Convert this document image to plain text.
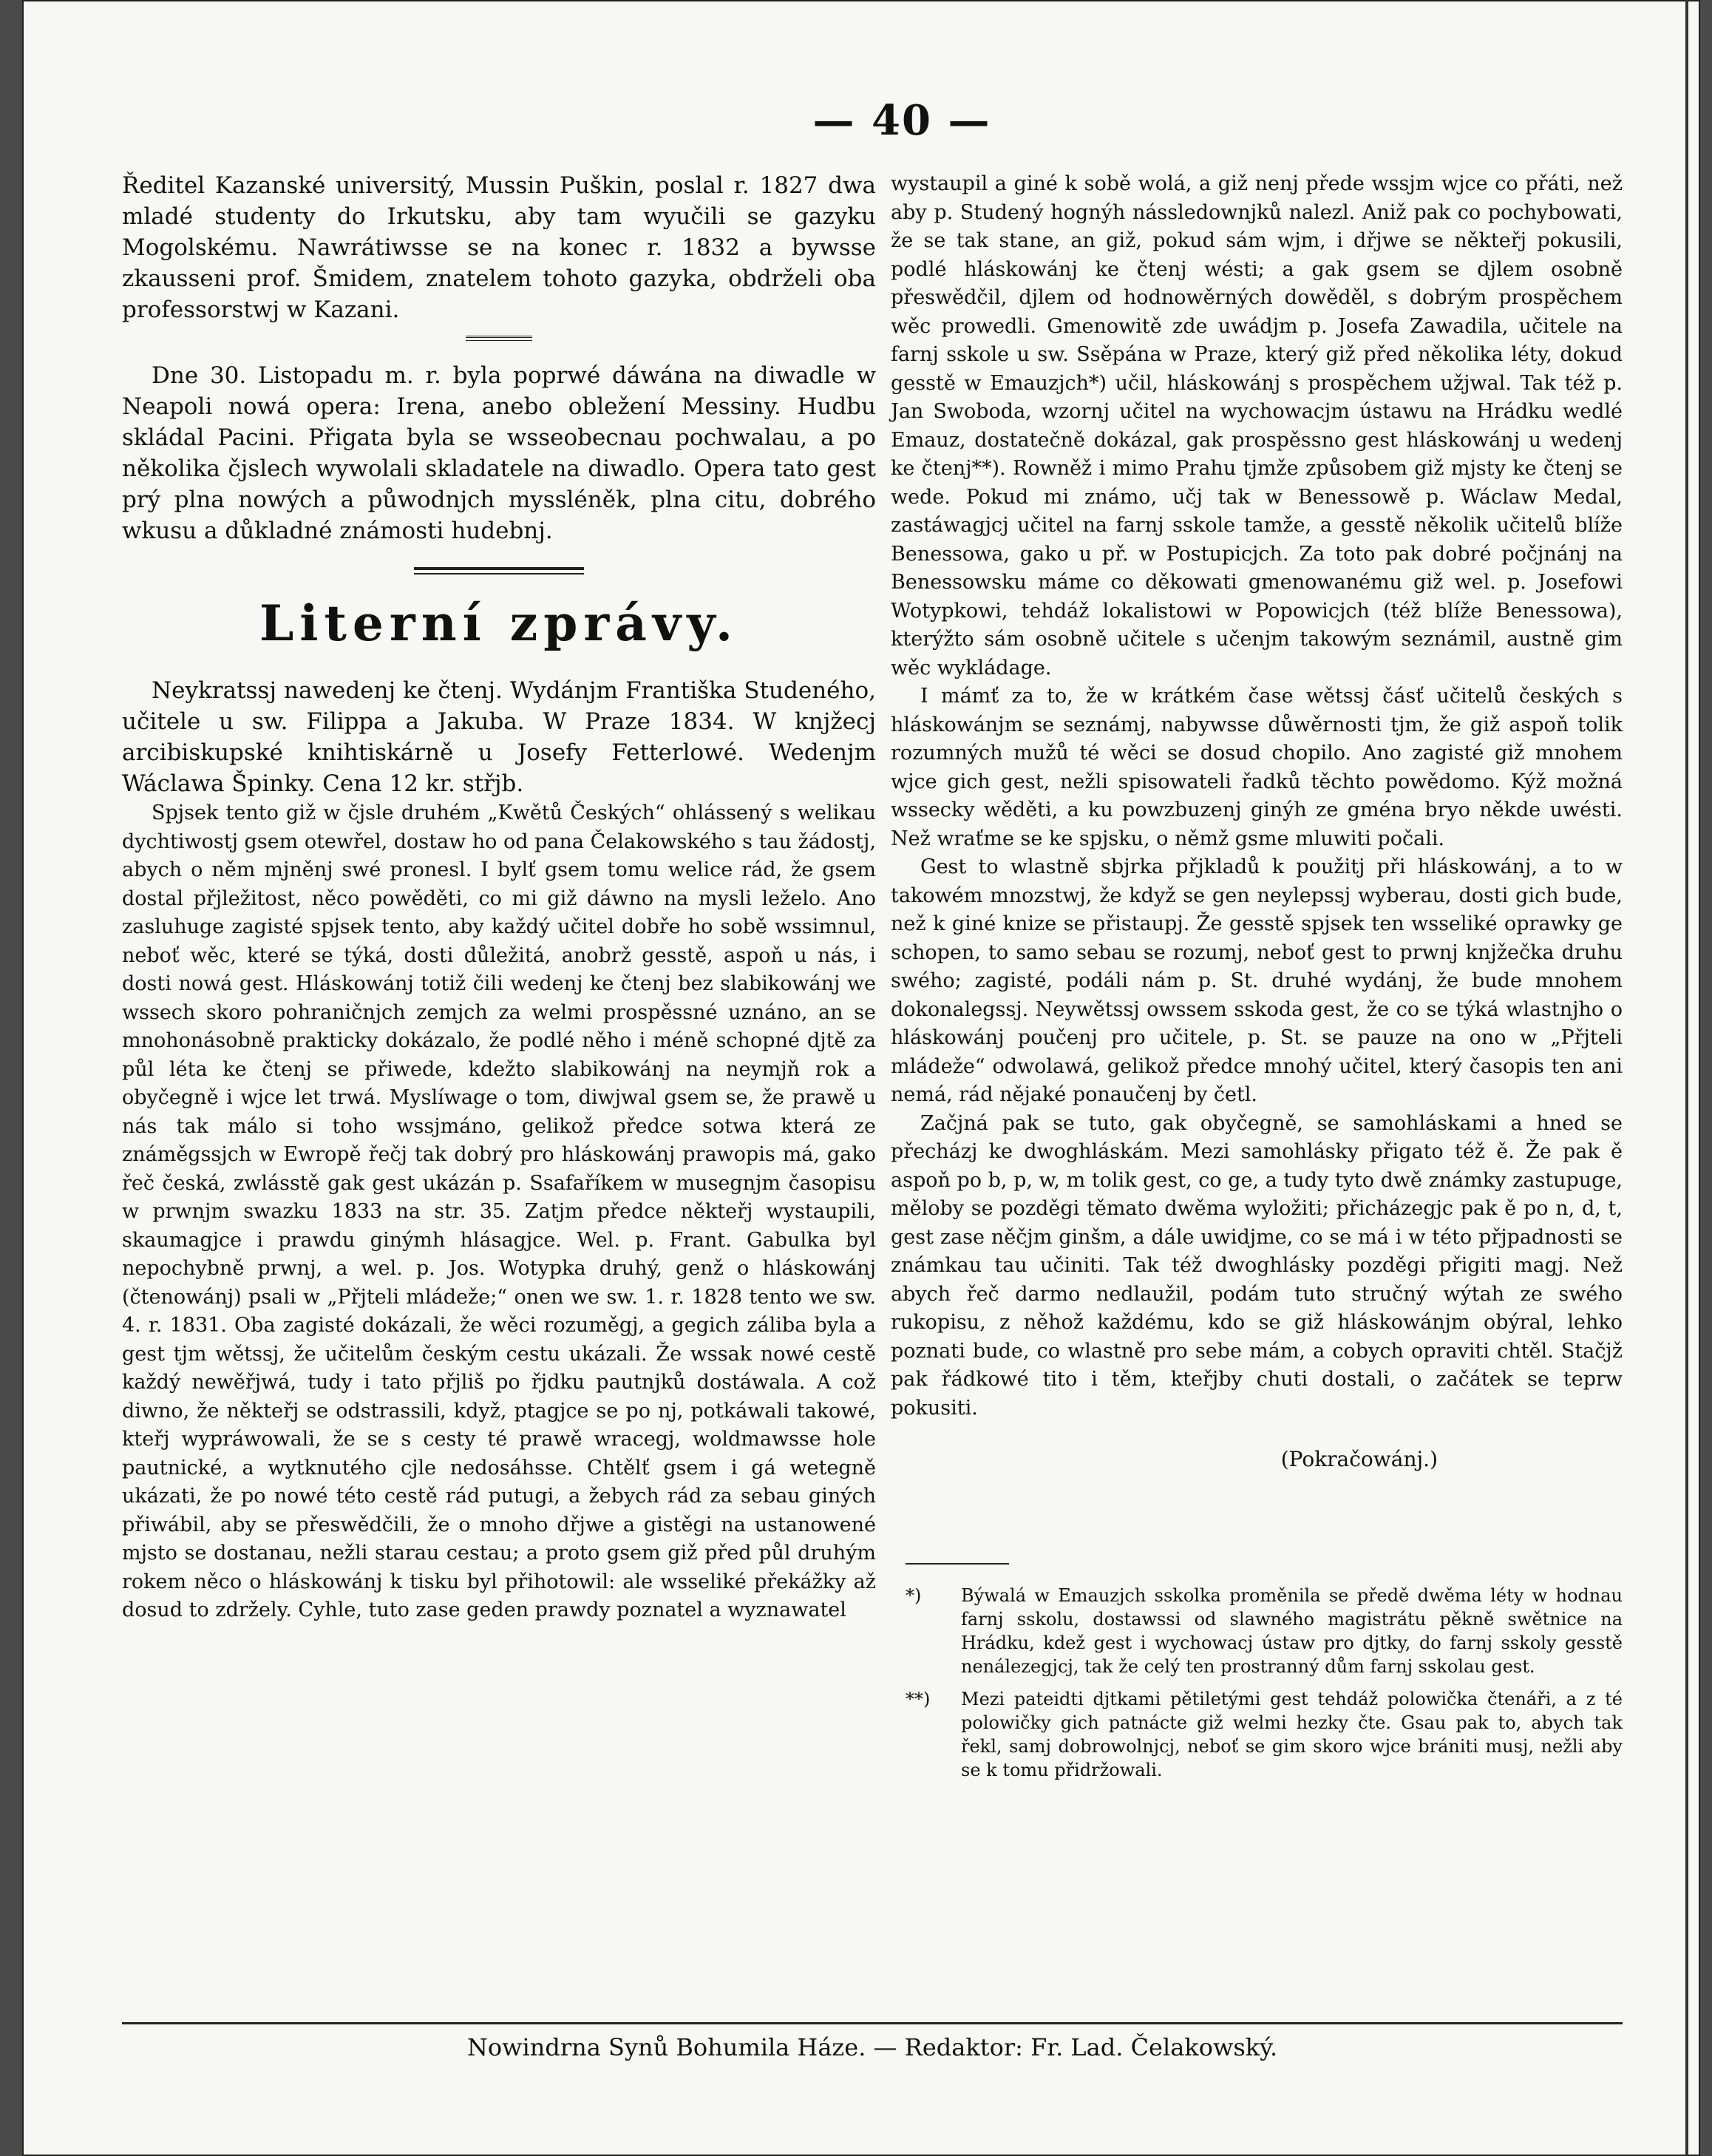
— 40 —

Ředitel Kazanské universitý, Mussin Puškin, poslal r. 1827 dwa mladé studenty do Irkutsku, aby tam wyučili se gazyku Mogolskému. Nawrátiwsse se na konec r. 1832 a bywsse zkausseni prof. Šmidem, znatelem tohoto gazyka, obdrželi oba professorstwj w Kazani.

Dne 30. Listopadu m. r. byla poprwé dáwána na diwadle w Neapoli nowá opera: Irena, anebo obležení Messiny. Hudbu skládal Pacini. Přigata byla se wsseobecnau pochwalau, a po několika čjslech wywolali skladatele na diwadlo. Opera tato gest prý plna nowých a půwodnjch myssléněk, plna citu, dobrého wkusu a důkladné známosti hudebnj.

Literní zprávy.

Neykratssj nawedenj ke čtenj. Wydánjm Františka Studeného, učitele u sw. Filippa a Jakuba. W Praze 1834. W knjžecj arcibiskupské knihtiskárně u Josefy Fetterlowé. Wedenjm Wáclawa Špinky. Cena 12 kr. střjb.

Spjsek tento giž w čjsle druhém „Kwětů Českých“ ohlássený s welikau dychtiwostj gsem otewřel, dostaw ho od pana Čelakowského s tau žádostj, abych o něm mjněnj swé pronesl. I bylť gsem tomu welice rád, že gsem dostal přjležitost, něco powěděti, co mi giž dáwno na mysli leželo. Ano zasluhuge zagisté spjsek tento, aby každý učitel dobře ho sobě wssimnul, neboť wěc, které se týká, dosti důležitá, anobrž gesstě, aspoň u nás, i dosti nowá gest. Hláskowánj totiž čili wedenj ke čtenj bez slabikowánj we wssech skoro pohraničnjch zemjch za welmi prospěssné uznáno, an se mnohonásobně prakticky dokázalo, že podlé něho i méně schopné djtě za půl léta ke čtenj se přiwede, kdežto slabikowánj na neymjň rok a obyčegně i wjce let trwá. Myslíwage o tom, diwjwal gsem se, že prawě u nás tak málo si toho wssjmáno, gelikož předce sotwa která ze známěgssjch w Ewropě řečj tak dobrý pro hláskowánj prawopis má, gako řeč česká, zwlásstě gak gest ukázán p. Ssafaříkem w musegnjm časopisu w prwnjm swazku 1833 na str. 35. Zatjm předce někteřj wystaupili, skaumagjce i prawdu ginýmh hlásagjce. Wel. p. Frant. Gabulka byl nepochybně prwnj, a wel. p. Jos. Wotypka druhý, genž o hláskowánj (čtenowánj) psali w „Přjteli mládeže;“ onen we sw. 1. r. 1828 tento we sw. 4. r. 1831. Oba zagisté dokázali, že wěci rozuměgj, a gegich záliba byla a gest tjm wětssj, že učitelům českým cestu ukázali. Že wssak nowé cestě každý newěřjwá, tudy i tato přjliš po řjdku pautnjků dostáwala. A což diwno, že někteřj se odstrassili, když, ptagjce se po nj, potkáwali takowé, kteřj wypráwowali, že se s cesty té prawě wracegj, woldmawsse hole pautnické, a wytknutého cjle nedosáhsse. Chtělť gsem i gá wetegně ukázati, že po nowé této cestě rád putugi, a žebych rád za sebau giných přiwábil, aby se přeswědčili, že o mnoho dřjwe a gistěgi na ustanowené mjsto se dostanau, nežli starau cestau; a proto gsem giž před půl druhým rokem něco o hláskowánj k tisku byl přihotowil: ale wsseliké překážky až dosud to zdržely. Cyhle, tuto zase geden prawdy poznatel a wyznawatel

wystaupil a giné k sobě wolá, a giž nenj přede wssjm wjce co přáti, než aby p. Studený hognýh nássledownjků nalezl. Aniž pak co pochybowati, že se tak stane, an giž, pokud sám wjm, i dřjwe se někteřj pokusili, podlé hláskowánj ke čtenj wésti; a gak gsem se djlem osobně přeswědčil, djlem od hodnowěrných dowěděl, s dobrým prospěchem wěc prowedli. Gmenowitě zde uwádjm p. Josefa Zawadila, učitele na farnj sskole u sw. Ssěpána w Praze, který giž před několika léty, dokud gesstě w Emauzjch*) učil, hláskowánj s prospěchem užjwal. Tak též p. Jan Swoboda, wzornj učitel na wychowacjm ústawu na Hrádku wedlé Emauz, dostatečně dokázal, gak prospěssno gest hláskowánj u wedenj ke čtenj**). Rowněž i mimo Prahu tjmže způsobem giž mjsty ke čtenj se wede. Pokud mi známo, učj tak w Benessowě p. Wáclaw Medal, zastáwagjcj učitel na farnj sskole tamže, a gesstě několik učitelů blíže Benessowa, gako u př. w Postupicjch. Za toto pak dobré počjnánj na Benessowsku máme co děkowati gmenowanému giž wel. p. Josefowi Wotypkowi, tehdáž lokalistowi w Popowicjch (též blíže Benessowa), kterýžto sám osobně učitele s učenjm takowým seznámil, austně gim wěc wykládage.

I mámť za to, že w krátkém čase wětssj čásť učitelů českých s hláskowánjm se seznámj, nabywsse důwěrnosti tjm, že giž aspoň tolik rozumných mužů té wěci se dosud chopilo. Ano zagisté giž mnohem wjce gich gest, nežli spisowateli řadků těchto powědomo. Kýž možná wssecky wěděti, a ku powzbuzenj ginýh ze gména bryo někde uwésti. Než wraťme se ke spjsku, o němž gsme mluwiti počali.

Gest to wlastně sbjrka přjkladů k použitj při hláskowánj, a to w takowém mnozstwj, že když se gen neylepssj wyberau, dosti gich bude, než k giné knize se přistaupj. Že gesstě spjsek ten wsseliké oprawky ge schopen, to samo sebau se rozumj, neboť gest to prwnj knjžečka druhu swého; zagisté, podáli nám p. St. druhé wydánj, že bude mnohem dokonalegssj. Neywětssj owssem sskoda gest, že co se týká wlastnjho o hláskowánj poučenj pro učitele, p. St. se pauze na ono w „Přjteli mládeže“ odwolawá, gelikož předce mnohý učitel, který časopis ten ani nemá, rád nějaké ponaučenj by četl.

Začjná pak se tuto, gak obyčegně, se samohláskami a hned se přecházj ke dwoghláskám. Mezi samohlásky přigato též ě. Že pak ě aspoň po b, p, w, m tolik gest, co ge, a tudy tyto dwě známky zastupuge, měloby se pozděgi těmato dwěma wyložiti; přicházegjc pak ě po n, d, t, gest zase něčjm ginšm, a dále uwidjme, co se má i w této přjpadnosti se známkau tau učiniti. Tak též dwoghlásky pozděgi přigiti magj. Než abych řeč darmo nedlaužil, podám tuto stručný wýtah ze swého rukopisu, z něhož každému, kdo se giž hláskowánjm obýral, lehko poznati bude, co wlastně pro sebe mám, a cobych opraviti chtěl. Stačjž pak řádkowé tito i těm, kteřjby chuti dostali, o začátek se teprw pokusiti.

(Pokračowánj.)
*) Býwalá w Emauzjch sskolka proměnila se předě dwěma léty w hodnau farnj sskolu, dostawssi od slawného magistrátu pěkně swětnice na Hrádku, kdež gest i wychowacj ústaw pro djtky, do farnj sskoly gesstě nenálezegjcj, tak že celý ten prostranný dům farnj sskolau gest.
**) Mezi pateidti djtkami pětiletými gest tehdáž polowička čtenáři, a z té polowičky gich patnácte giž welmi hezky čte. Gsau pak to, abych tak řekl, samj dobrowolnjcj, neboť se gim skoro wjce brániti musj, nežli aby se k tomu přidržowali.
Nowindrna Synů Bohumila Háze. — Redaktor: Fr. Lad. Čelakowský.
